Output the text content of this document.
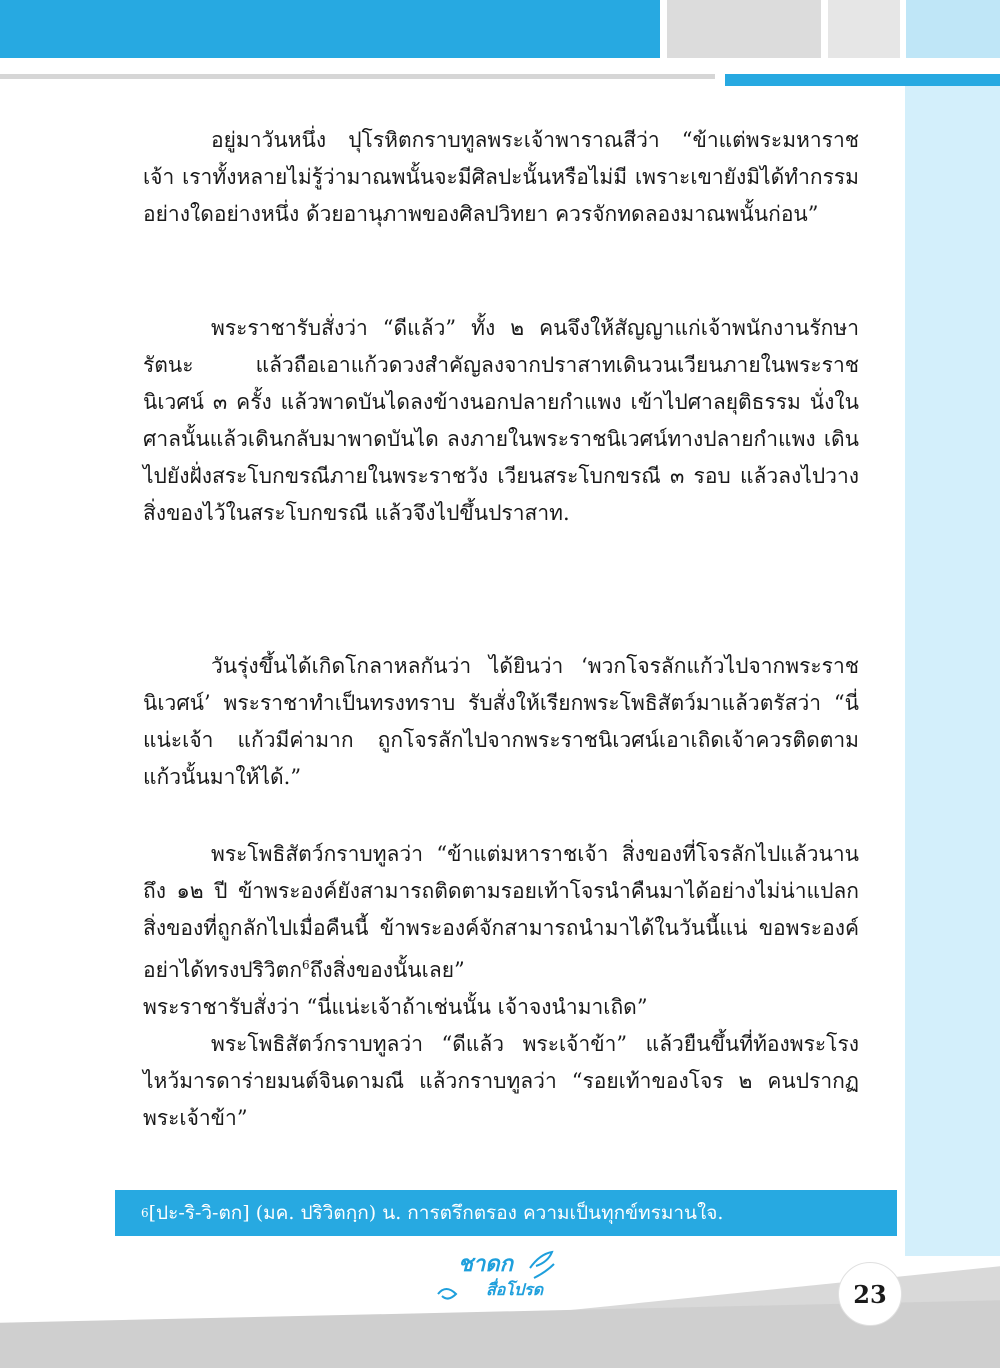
อยู่มาวันหนึ่ง ปุโรหิตกราบทูลพระเจ้าพาราณสีว่า “ข้าแต่พระมหาราชเจ้า เราทั้งหลายไม่รู้ว่ามาณพนั้นจะมีศิลปะนั้นหรือไม่มี เพราะเขายังมิได้ทำกรรมอย่างใดอย่างหนึ่ง ด้วยอานุภาพของศิลปวิทยา ควรจักทดลองมาณพนั้นก่อน”

พระราชารับสั่งว่า “ดีแล้ว” ทั้ง ๒ คนจึงให้สัญญาแก่เจ้าพนักงานรักษารัตนะ แล้วถือเอาแก้วดวงสำคัญลงจากปราสาทเดินวนเวียนภายในพระราชนิเวศน์ ๓ ครั้ง แล้วพาดบันไดลงข้างนอกปลายกำแพง เข้าไปศาลยุติธรรม นั่งในศาลนั้นแล้วเดินกลับมาพาดบันได ลงภายในพระราชนิเวศน์ทางปลายกำแพง เดินไปยังฝั่งสระโบกขรณีภายในพระราชวัง เวียนสระโบกขรณี ๓ รอบ แล้วลงไปวางสิ่งของไว้ในสระโบกขรณี แล้วจึงไปขึ้นปราสาท.

วันรุ่งขึ้นได้เกิดโกลาหลกันว่า ได้ยินว่า ‘พวกโจรลักแก้วไปจากพระราชนิเวศน์’ พระราชาทำเป็นทรงทราบ รับสั่งให้เรียกพระโพธิสัตว์มาแล้วตรัสว่า “นี่แน่ะเจ้า แก้วมีค่ามาก ถูกโจรลักไปจากพระราชนิเวศน์เอาเถิดเจ้าควรติดตามแก้วนั้นมาให้ได้.”

พระโพธิสัตว์กราบทูลว่า “ข้าแต่มหาราชเจ้า สิ่งของที่โจรลักไปแล้วนานถึง ๑๒ ปี ข้าพระองค์ยังสามารถติดตามรอยเท้าโจรนำคืนมาได้อย่างไม่น่าแปลก สิ่งของที่ถูกลักไปเมื่อคืนนี้ ข้าพระองค์จักสามารถนำมาได้ในวันนี้แน่ ขอพระองค์อย่าได้ทรงปริวิตก$^6$ถึงสิ่งของนั้นเลย”

พระราชารับสั่งว่า “นี่แน่ะเจ้าถ้าเช่นนั้น เจ้าจงนำมาเถิด”

พระโพธิสัตว์กราบทูลว่า “ดีแล้ว พระเจ้าข้า” แล้วยืนขึ้นที่ท้องพระโรงไหว้มารดาร่ายมนต์จินดามณี แล้วกราบทูลว่า “รอยเท้าของโจร ๒ คนปรากฏพระเจ้าข้า”

6 [ปะ-ริ-วิ-ตก] (มค. ปริวิตกฺก) น. การตรึกตรอง ความเป็นทุกข์ทรมานใจ.
ชาดก
สื่อโปรด	23
